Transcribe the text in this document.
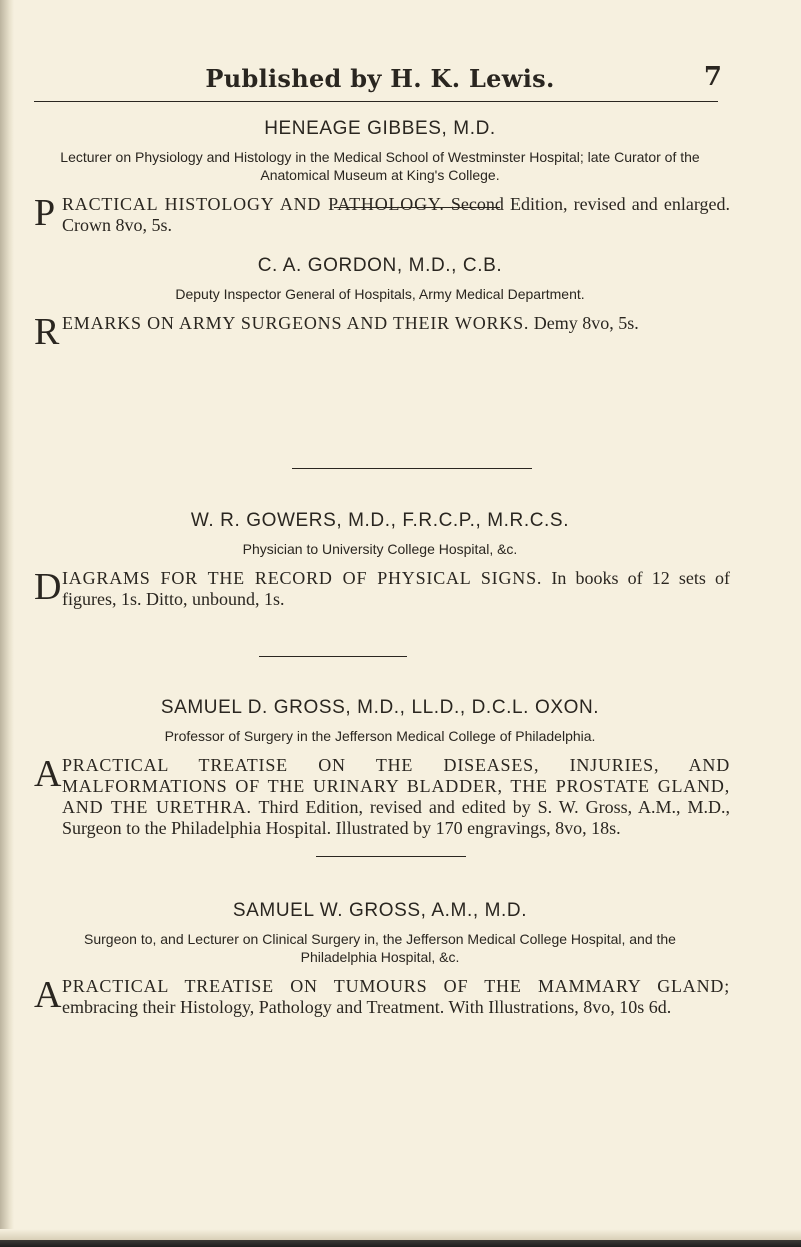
Published by H. K. Lewis.	7

HENEAGE GIBBES, M.D.

Lecturer on Physiology and Histology in the Medical School of Westminster Hospital; late Curator of the Anatomical Museum at King's College.

P RACTICAL HISTOLOGY AND PATHOLOGY. Second Edition, revised and enlarged. Crown 8vo, 5s.

C. A. GORDON, M.D., C.B.

Deputy Inspector General of Hospitals, Army Medical Department.

R EMARKS ON ARMY SURGEONS AND THEIR WORKS. Demy 8vo, 5s.

W. R. GOWERS, M.D., F.R.C.P., M.R.C.S.

Physician to University College Hospital, &c.

D IAGRAMS FOR THE RECORD OF PHYSICAL SIGNS. In books of 12 sets of figures, 1s. Ditto, unbound, 1s.

SAMUEL D. GROSS, M.D., LL.D., D.C.L. OXON.

Professor of Surgery in the Jefferson Medical College of Philadelphia.

A PRACTICAL TREATISE ON THE DISEASES, INJURIES, AND MALFORMATIONS OF THE URINARY BLADDER, THE PROSTATE GLAND, AND THE URETHRA. Third Edition, revised and edited by S. W. Gross, A.M., M.D., Surgeon to the Philadelphia Hospital. Illustrated by 170 engravings, 8vo, 18s.

SAMUEL W. GROSS, A.M., M.D.

Surgeon to, and Lecturer on Clinical Surgery in, the Jefferson Medical College Hospital, and the Philadelphia Hospital, &c.

A PRACTICAL TREATISE ON TUMOURS OF THE MAMMARY GLAND; embracing their Histology, Pathology and Treatment. With Illustrations, 8vo, 10s 6d.
